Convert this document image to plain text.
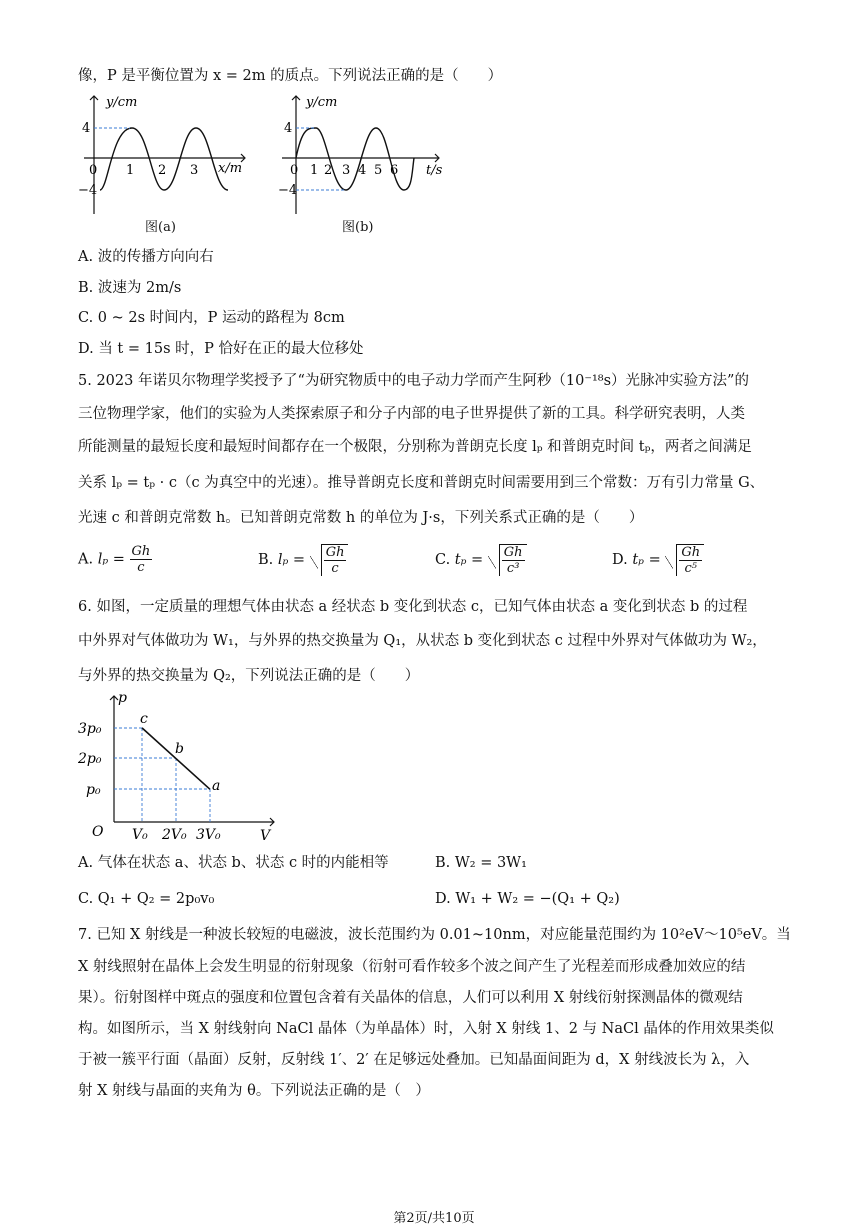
像，P 是平衡位置为 x = 2m 的质点。下列说法正确的是（　　）
y/cm
x/m
4
−4
0 1 2 3
图(a)
y/cm
t/s
4
−4
0 1 2 3 4 5 6
图(b)
A. 波的传播方向向右
B. 波速为 2m/s
C. 0 ~ 2s 时间内，P 运动的路程为 8cm
D. 当 t = 15s 时，P 恰好在正的最大位移处
5. 2023 年诺贝尔物理学奖授予了“为研究物质中的电子动力学而产生阿秒（10⁻¹⁸s）光脉冲实验方法”的
三位物理学家，他们的实验为人类探索原子和分子内部的电子世界提供了新的工具。科学研究表明，人类
所能测量的最短长度和最短时间都存在一个极限，分别称为普朗克长度 lₚ 和普朗克时间 tₚ，两者之间满足
关系 lₚ = tₚ · c（c 为真空中的光速）。推导普朗克长度和普朗克时间需要用到三个常数：万有引力常量 G、
光速 c 和普朗克常数 h。已知普朗克常数 h 的单位为 J·s，下列关系式正确的是（　　）
A. $l_p = \frac{Gh}{c}$	B. $l_p = \frac{Gh}{c}$	C. $t_p = \frac{Gh}{\text{c³}}$	D. $t_p = \frac{Gh}{\text{c⁵}}$
6. 如图，一定质量的理想气体由状态 a 经状态 b 变化到状态 c，已知气体由状态 a 变化到状态 b 的过程
中外界对气体做功为 W₁，与外界的热交换量为 Q₁，从状态 b 变化到状态 c 过程中外界对气体做功为 W₂，
与外界的热交换量为 Q₂，下列说法正确的是（　　）
p
V
O
3p₀
2p₀
p₀
V₀ 2V₀ 3V₀
c
b
a
A. 气体在状态 a、状态 b、状态 c 时的内能相等	B. W₂ = 3W₁
C. Q₁ + Q₂ = 2p₀v₀	D. W₁ + W₂ = −(Q₁ + Q₂)
7. 已知 X 射线是一种波长较短的电磁波，波长范围约为 0.01~10nm，对应能量范围约为 10²eV～10⁵eV。当
X 射线照射在晶体上会发生明显的衍射现象（衍射可看作较多个波之间产生了光程差而形成叠加效应的结
果）。衍射图样中斑点的强度和位置包含着有关晶体的信息，人们可以利用 X 射线衍射探测晶体的微观结
构。如图所示，当 X 射线射向 NaCl 晶体（为单晶体）时，入射 X 射线 1、2 与 NaCl 晶体的作用效果类似
于被一簇平行面（晶面）反射，反射线 1′、2′ 在足够远处叠加。已知晶面间距为 d，X 射线波长为 λ，入
射 X 射线与晶面的夹角为 θ。下列说法正确的是（　）
第2页/共10页
